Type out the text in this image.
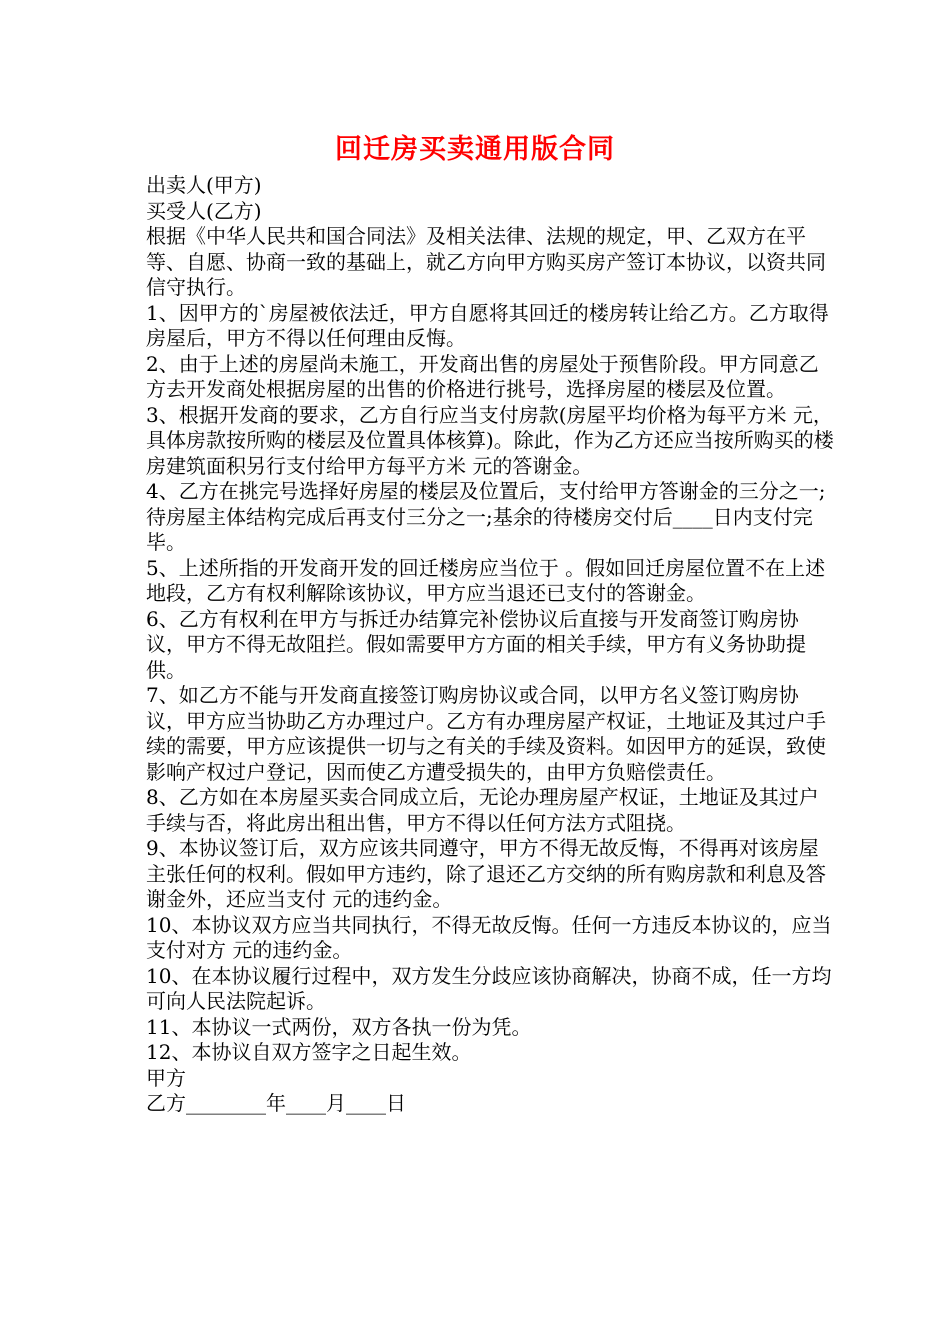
回迁房买卖通用版合同

出卖人(甲方)

买受人(乙方)

根据《中华人民共和国合同法》及相关法律、法规的规定，甲、乙双方在平等、自愿、协商一致的基础上，就乙方向甲方购买房产签订本协议，以资共同信守执行。

1、因甲方的`房屋被依法迁，甲方自愿将其回迁的楼房转让给乙方。乙方取得房屋后，甲方不得以任何理由反悔。

2、由于上述的房屋尚未施工，开发商出售的房屋处于预售阶段。甲方同意乙方去开发商处根据房屋的出售的价格进行挑号，选择房屋的楼层及位置。

3、根据开发商的要求，乙方自行应当支付房款(房屋平均价格为每平方米 元，具体房款按所购的楼层及位置具体核算)。除此，作为乙方还应当按所购买的楼房建筑面积另行支付给甲方每平方米 元的答谢金。

4、乙方在挑完号选择好房屋的楼层及位置后，支付给甲方答谢金的三分之一;待房屋主体结构完成后再支付三分之一;基余的待楼房交付后____日内支付完毕。

5、上述所指的开发商开发的回迁楼房应当位于 。假如回迁房屋位置不在上述地段，乙方有权利解除该协议，甲方应当退还已支付的答谢金。

6、乙方有权利在甲方与拆迁办结算完补偿协议后直接与开发商签订购房协议，甲方不得无故阻拦。假如需要甲方方面的相关手续，甲方有义务协助提供。

7、如乙方不能与开发商直接签订购房协议或合同，以甲方名义签订购房协议，甲方应当协助乙方办理过户。乙方有办理房屋产权证，土地证及其过户手续的需要，甲方应该提供一切与之有关的手续及资料。如因甲方的延误，致使影响产权过户登记，因而使乙方遭受损失的，由甲方负赔偿责任。

8、乙方如在本房屋买卖合同成立后，无论办理房屋产权证，土地证及其过户手续与否，将此房出租出售，甲方不得以任何方法方式阻挠。

9、本协议签订后，双方应该共同遵守，甲方不得无故反悔，不得再对该房屋主张任何的权利。假如甲方违约，除了退还乙方交纳的所有购房款和利息及答谢金外，还应当支付 元的违约金。

10、本协议双方应当共同执行，不得无故反悔。任何一方违反本协议的，应当支付对方 元的违约金。

10、在本协议履行过程中，双方发生分歧应该协商解决，协商不成，任一方均可向人民法院起诉。

11、本协议一式两份，双方各执一份为凭。

12、本协议自双方签字之日起生效。

甲方

乙方________年____月____日
